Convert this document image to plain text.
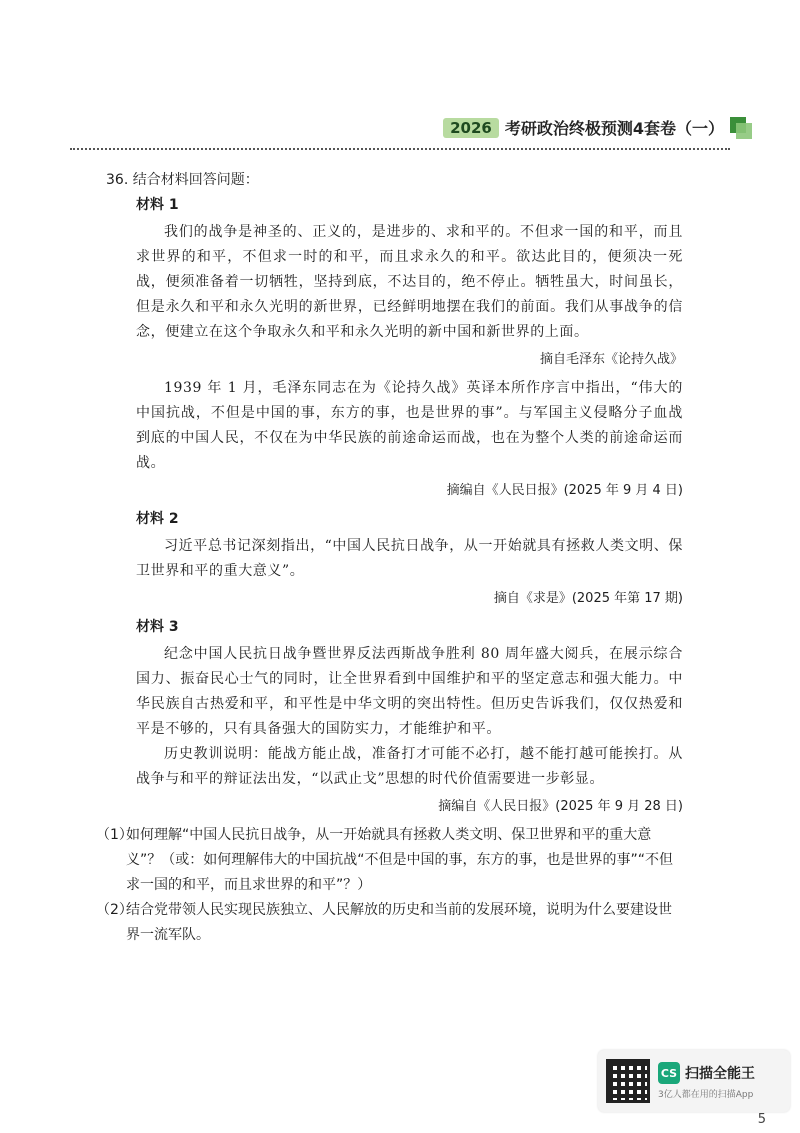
2026 考研政治终极预测4套卷（一）
36. 结合材料回答问题：
材料 1

我们的战争是神圣的、正义的，是进步的、求和平的。不但求一国的和平，而且求世界的和平，不但求一时的和平，而且求永久的和平。欲达此目的，便须决一死战，便须准备着一切牺牲，坚持到底，不达目的，绝不停止。牺牲虽大，时间虽长，但是永久和平和永久光明的新世界，已经鲜明地摆在我们的前面。我们从事战争的信念，便建立在这个争取永久和平和永久光明的新中国和新世界的上面。

摘自毛泽东《论持久战》

1939 年 1 月，毛泽东同志在为《论持久战》英译本所作序言中指出，“伟大的中国抗战，不但是中国的事，东方的事，也是世界的事”。与军国主义侵略分子血战到底的中国人民，不仅在为中华民族的前途命运而战，也在为整个人类的前途命运而战。

摘编自《人民日报》(2025 年 9 月 4 日)
材料 2

习近平总书记深刻指出，“中国人民抗日战争，从一开始就具有拯救人类文明、保卫世界和平的重大意义”。

摘自《求是》(2025 年第 17 期)
材料 3

纪念中国人民抗日战争暨世界反法西斯战争胜利 80 周年盛大阅兵，在展示综合国力、振奋民心士气的同时，让全世界看到中国维护和平的坚定意志和强大能力。中华民族自古热爱和平，和平性是中华文明的突出特性。但历史告诉我们，仅仅热爱和平是不够的，只有具备强大的国防实力，才能维护和平。

历史教训说明：能战方能止战，准备打才可能不必打，越不能打越可能挨打。从战争与和平的辩证法出发，“以武止戈”思想的时代价值需要进一步彰显。

摘编自《人民日报》(2025 年 9 月 28 日)
（1）
如何理解“中国人民抗日战争，从一开始就具有拯救人类文明、保卫世界和平的重大意义”？（或：如何理解伟大的中国抗战“不但是中国的事，东方的事，也是世界的事”“不但求一国的和平，而且求世界的和平”？）
（2）
结合党带领人民实现民族独立、人民解放的历史和当前的发展环境，说明为什么要建设世界一流军队。
CS 扫描全能王
3亿人都在用的扫描App
5
